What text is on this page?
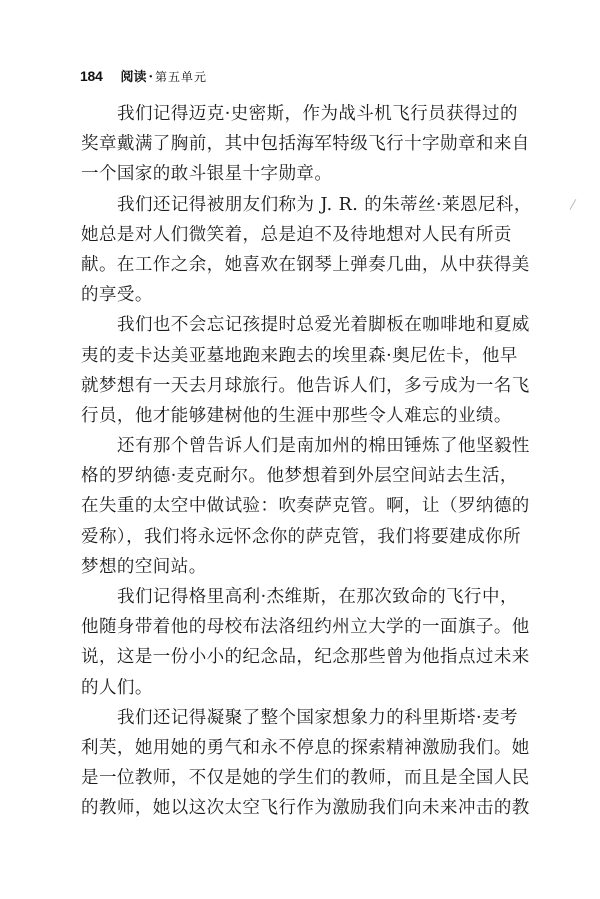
184 阅读 · 第五单元
我们记得迈克·史密斯，作为战斗机飞行员获得过的
奖章戴满了胸前，其中包括海军特级飞行十字勋章和来自
一个国家的敢斗银星十字勋章。
我们还记得被朋友们称为 J. R. 的朱蒂丝·莱恩尼科，
她总是对人们微笑着，总是迫不及待地想对人民有所贡
献。在工作之余，她喜欢在钢琴上弹奏几曲，从中获得美
的享受。
我们也不会忘记孩提时总爱光着脚板在咖啡地和夏威
夷的麦卡达美亚墓地跑来跑去的埃里森·奥尼佐卡，他早
就梦想有一天去月球旅行。他告诉人们，多亏成为一名飞
行员，他才能够建树他的生涯中那些令人难忘的业绩。
还有那个曾告诉人们是南加州的棉田锤炼了他坚毅性
格的罗纳德·麦克耐尔。他梦想着到外层空间站去生活，
在失重的太空中做试验：吹奏萨克管。啊，让（罗纳德的
爱称），我们将永远怀念你的萨克管，我们将要建成你所
梦想的空间站。
我们记得格里高利·杰维斯，在那次致命的飞行中，
他随身带着他的母校布法洛纽约州立大学的一面旗子。他
说，这是一份小小的纪念品，纪念那些曾为他指点过未来
的人们。
我们还记得凝聚了整个国家想象力的科里斯塔·麦考
利芙，她用她的勇气和永不停息的探索精神激励我们。她
是一位教师，不仅是她的学生们的教师，而且是全国人民
的教师，她以这次太空飞行作为激励我们向未来冲击的教
